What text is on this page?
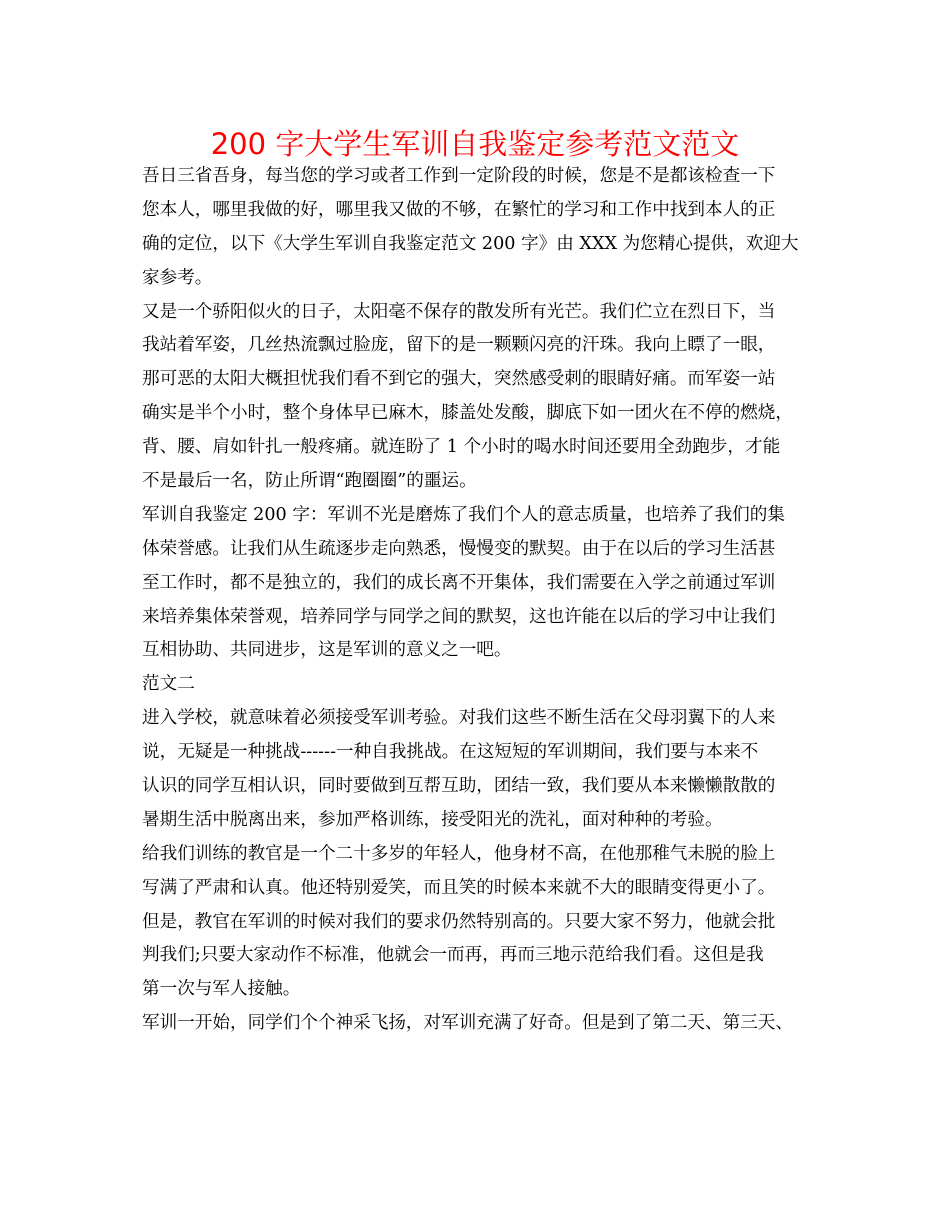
200 字大学生军训自我鉴定参考范文范文
吾日三省吾身，每当您的学习或者工作到一定阶段的时候，您是不是都该检查一下
您本人，哪里我做的好，哪里我又做的不够，在繁忙的学习和工作中找到本人的正
确的定位，以下《大学生军训自我鉴定范文 200 字》由 XXX 为您精心提供，欢迎大
家参考。
又是一个骄阳似火的日子，太阳毫不保存的散发所有光芒。我们伫立在烈日下，当
我站着军姿，几丝热流飘过脸庞，留下的是一颗颗闪亮的汗珠。我向上瞟了一眼，
那可恶的太阳大概担忧我们看不到它的强大，突然感受刺的眼睛好痛。而军姿一站
确实是半个小时，整个身体早已麻木，膝盖处发酸，脚底下如一团火在不停的燃烧，
背、腰、肩如针扎一般疼痛。就连盼了 1 个小时的喝水时间还要用全劲跑步，才能
不是最后一名，防止所谓“跑圈圈”的噩运。
军训自我鉴定 200 字：军训不光是磨炼了我们个人的意志质量，也培养了我们的集
体荣誉感。让我们从生疏逐步走向熟悉，慢慢变的默契。由于在以后的学习生活甚
至工作时，都不是独立的，我们的成长离不开集体，我们需要在入学之前通过军训
来培养集体荣誉观，培养同学与同学之间的默契，这也许能在以后的学习中让我们
互相协助、共同进步，这是军训的意义之一吧。
范文二
进入学校，就意味着必须接受军训考验。对我们这些不断生活在父母羽翼下的人来
说，无疑是一种挑战------一种自我挑战。在这短短的军训期间，我们要与本来不
认识的同学互相认识，同时要做到互帮互助，团结一致，我们要从本来懒懒散散的
暑期生活中脱离出来，参加严格训练，接受阳光的洗礼，面对种种的考验。
给我们训练的教官是一个二十多岁的年轻人，他身材不高，在他那稚气未脱的脸上
写满了严肃和认真。他还特别爱笑，而且笑的时候本来就不大的眼睛变得更小了。
但是，教官在军训的时候对我们的要求仍然特别高的。只要大家不努力，他就会批
判我们;只要大家动作不标准，他就会一而再，再而三地示范给我们看。这但是我
第一次与军人接触。
军训一开始，同学们个个神采飞扬，对军训充满了好奇。但是到了第二天、第三天、
